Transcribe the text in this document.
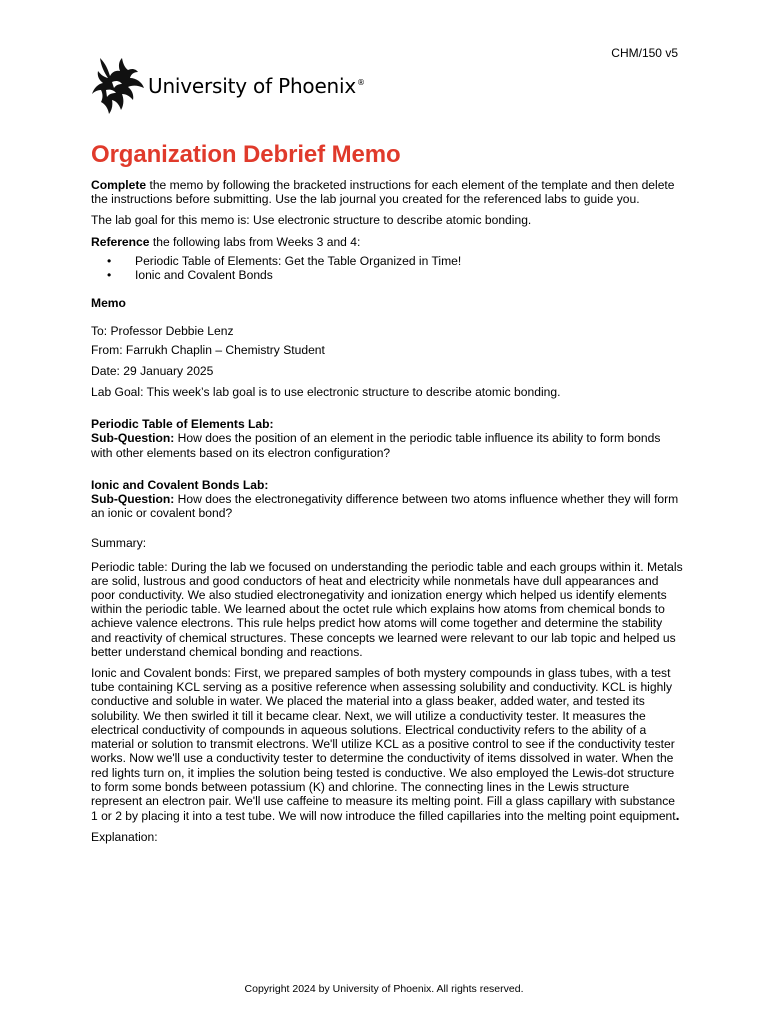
CHM/150 v5
University of Phoenix®
Organization Debrief Memo

Complete the memo by following the bracketed instructions for each element of the template and then delete the instructions before submitting. Use the lab journal you created for the referenced labs to guide you.

The lab goal for this memo is: Use electronic structure to describe atomic bonding.

Reference the following labs from Weeks 3 and 4:

• Periodic Table of Elements: Get the Table Organized in Time!
• Ionic and Covalent Bonds
Memo

To: Professor Debbie Lenz

From: Farrukh Chaplin – Chemistry Student

Date: 29 January 2025

Lab Goal: This week’s lab goal is to use electronic structure to describe atomic bonding.

Periodic Table of Elements Lab:

Sub-Question: How does the position of an element in the periodic table influence its ability to form bonds with other elements based on its electron configuration?

Ionic and Covalent Bonds Lab:

Sub-Question: How does the electronegativity difference between two atoms influence whether they will form an ionic or covalent bond?

Summary:

Periodic table: During the lab we focused on understanding the periodic table and each groups within it. Metals are solid, lustrous and good conductors of heat and electricity while nonmetals have dull appearances and poor conductivity. We also studied electronegativity and ionization energy which helped us identify elements within the periodic table. We learned about the octet rule which explains how atoms from chemical bonds to achieve valence electrons. This rule helps predict how atoms will come together and determine the stability and reactivity of chemical structures. These concepts we learned were relevant to our lab topic and helped us better understand chemical bonding and reactions.

Ionic and Covalent bonds: First, we prepared samples of both mystery compounds in glass tubes, with a test tube containing KCL serving as a positive reference when assessing solubility and conductivity. KCL is highly conductive and soluble in water. We placed the material into a glass beaker, added water, and tested its solubility. We then swirled it till it became clear. Next, we will utilize a conductivity tester. It measures the electrical conductivity of compounds in aqueous solutions. Electrical conductivity refers to the ability of a material or solution to transmit electrons. We'll utilize KCL as a positive control to see if the conductivity tester works. Now we'll use a conductivity tester to determine the conductivity of items dissolved in water. When the red lights turn on, it implies the solution being tested is conductive. We also employed the Lewis-dot structure to form some bonds between potassium (K) and chlorine. The connecting lines in the Lewis structure represent an electron pair. We'll use caffeine to measure its melting point. Fill a glass capillary with substance 1 or 2 by placing it into a test tube. We will now introduce the filled capillaries into the melting point equipment.

Explanation:

Copyright 2024 by University of Phoenix. All rights reserved.
